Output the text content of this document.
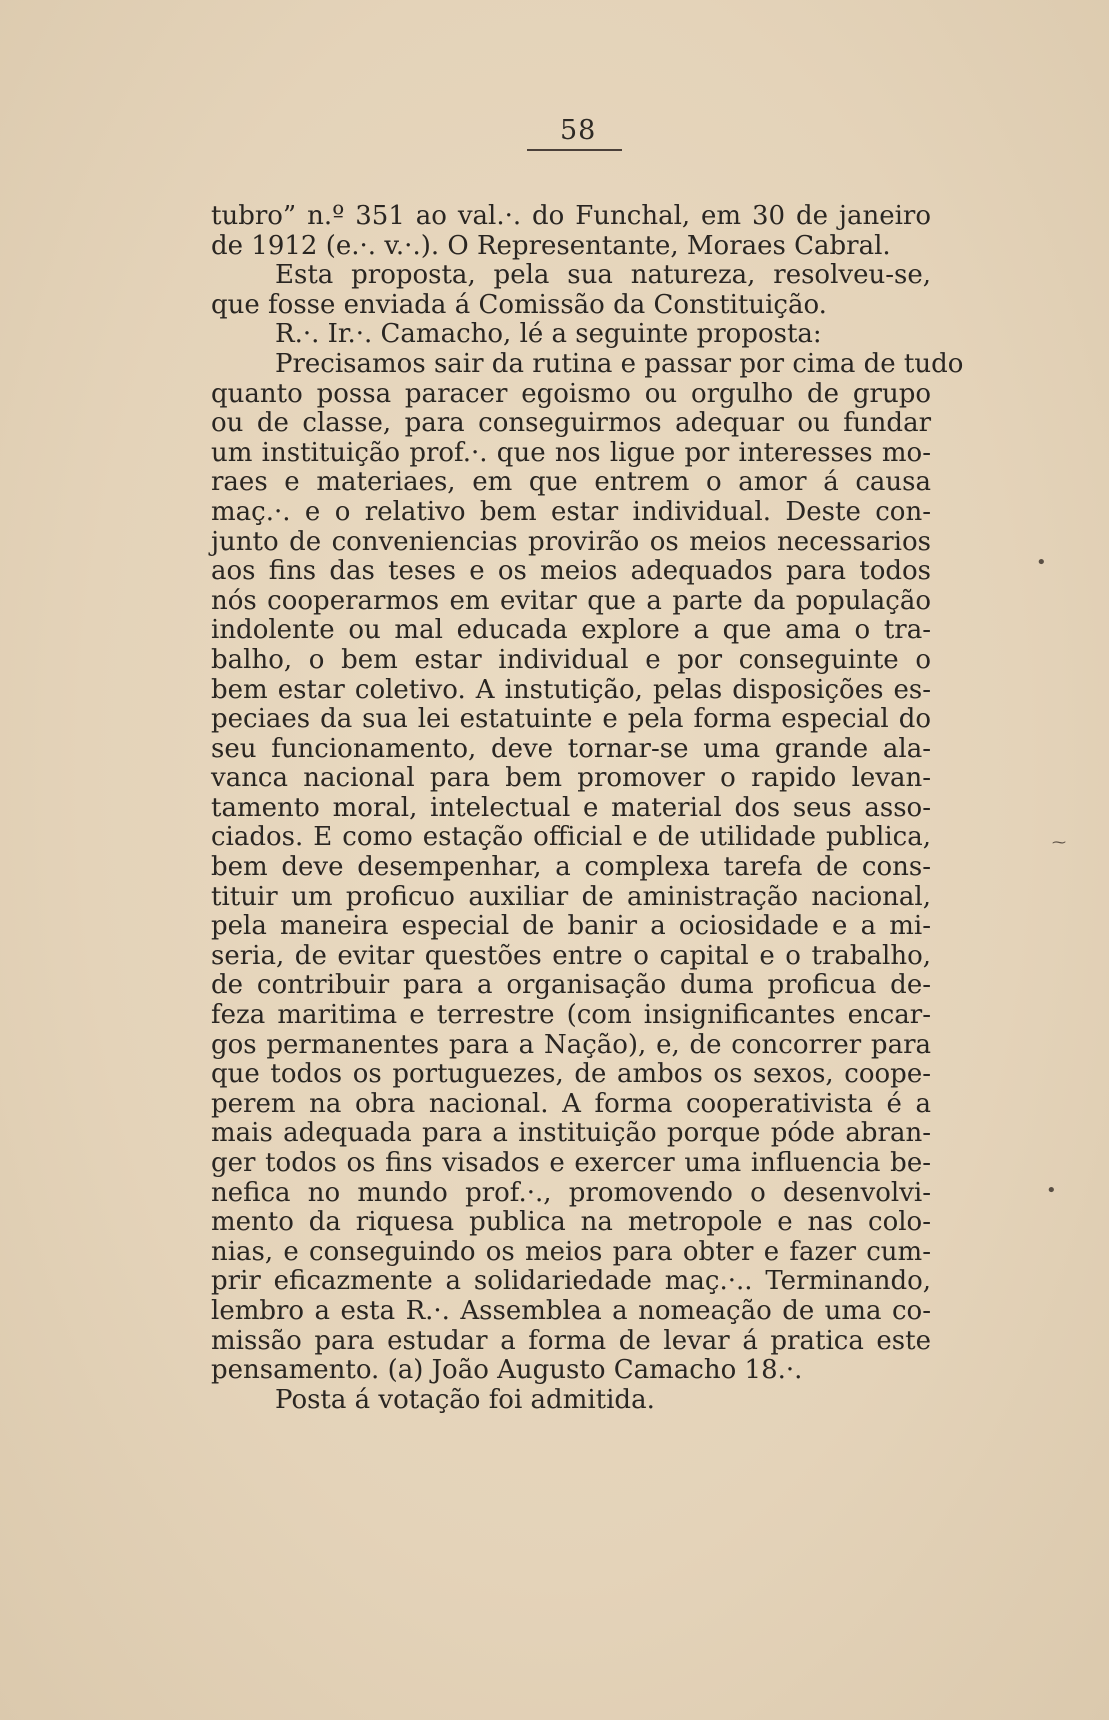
58
tubro” n.º 351 ao val.·. do Funchal, em 30 de janeiro
de 1912 (e.·. v.·.). O Representante, Moraes Cabral.
Esta proposta, pela sua natureza, resolveu-se,
que fosse enviada á Comissão da Constituição.
R.·. Ir.·. Camacho, lé a seguinte proposta:
Precisamos sair da rutina e passar por cima de tudo
quanto possa paracer egoismo ou orgulho de grupo
ou de classe, para conseguirmos adequar ou fundar
um instituição prof.·. que nos ligue por interesses mo-
raes e materiaes, em que entrem o amor á causa
maç.·. e o relativo bem estar individual. Deste con-
junto de conveniencias provirão os meios necessarios
aos fins das teses e os meios adequados para todos
nós cooperarmos em evitar que a parte da população
indolente ou mal educada explore a que ama o tra-
balho, o bem estar individual e por conseguinte o
bem estar coletivo. A instutição, pelas disposições es-
peciaes da sua lei estatuinte e pela forma especial do
seu funcionamento, deve tornar-se uma grande ala-
vanca nacional para bem promover o rapido levan-
tamento moral, intelectual e material dos seus asso-
ciados. E como estação official e de utilidade publica,
bem deve desempenhar, a complexa tarefa de cons-
tituir um proficuo auxiliar de aministração nacional,
pela maneira especial de banir a ociosidade e a mi-
seria, de evitar questões entre o capital e o trabalho,
de contribuir para a organisação duma proficua de-
feza maritima e terrestre (com insignificantes encar-
gos permanentes para a Nação), e, de concorrer para
que todos os portuguezes, de ambos os sexos, coope-
perem na obra nacional. A forma cooperativista é a
mais adequada para a instituição porque póde abran-
ger todos os fins visados e exercer uma influencia be-
nefica no mundo prof.·., promovendo o desenvolvi-
mento da riquesa publica na metropole e nas colo-
nias, e conseguindo os meios para obter e fazer cum-
prir eficazmente a solidariedade maç.·.. Terminando,
lembro a esta R.·. Assemblea a nomeação de uma co-
missão para estudar a forma de levar á pratica este
pensamento. (a) João Augusto Camacho 18.·.
Posta á votação foi admitida.
•
⁓
•
